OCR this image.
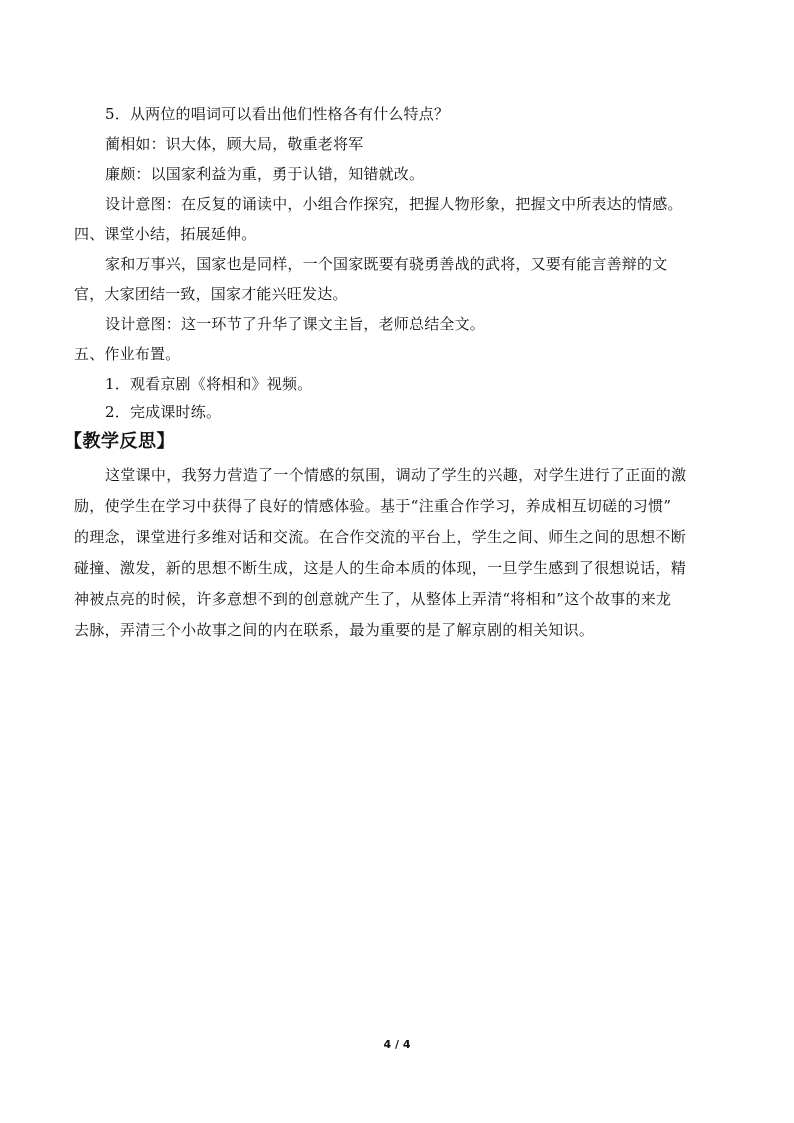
5．从两位的唱词可以看出他们性格各有什么特点？
蔺相如：识大体，顾大局，敬重老将军
廉颇：以国家利益为重，勇于认错，知错就改。
设计意图：在反复的诵读中，小组合作探究，把握人物形象，把握文中所表达的情感。
四、课堂小结，拓展延伸。
家和万事兴，国家也是同样，一个国家既要有骁勇善战的武将，又要有能言善辩的文
官，大家团结一致，国家才能兴旺发达。
设计意图：这一环节了升华了课文主旨，老师总结全文。
五、作业布置。
1．观看京剧《将相和》视频。
2．完成课时练。
【教学反思】
这堂课中，我努力营造了一个情感的氛围，调动了学生的兴趣，对学生进行了正面的激
励，使学生在学习中获得了良好的情感体验。基于“注重合作学习，养成相互切磋的习惯”
的理念，课堂进行多维对话和交流。在合作交流的平台上，学生之间、师生之间的思想不断
碰撞、激发，新的思想不断生成，这是人的生命本质的体现，一旦学生感到了很想说话，精
神被点亮的时候，许多意想不到的创意就产生了，从整体上弄清“将相和”这个故事的来龙
去脉，弄清三个小故事之间的内在联系，最为重要的是了解京剧的相关知识。
4 / 4
